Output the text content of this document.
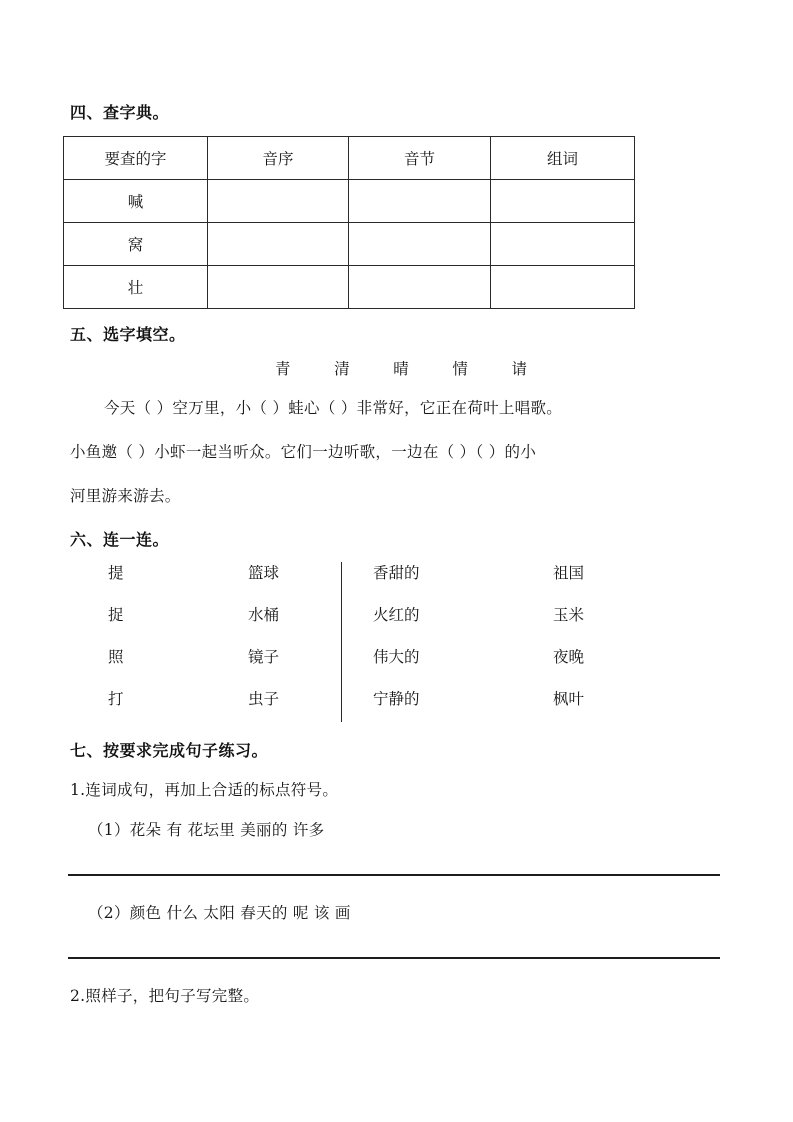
四、查字典。
要查的字	音序	音节	组词
喊			
窝			
壮			
五、选字填空。
青	清	晴	情	请
今天（ ）空万里，小（ ）蛙心（ ）非常好，它正在荷叶上唱歌。
小鱼邀（ ）小虾一起当听众。它们一边听歌，一边在（ ）（ ）的小
河里游来游去。
六、连一连。
提	篮球	香甜的	祖国
捉	水桶	火红的	玉米
照	镜子	伟大的	夜晚
打	虫子	宁静的	枫叶
七、按要求完成句子练习。
1.连词成句，再加上合适的标点符号。
（1）花朵 有 花坛里 美丽的 许多
（2）颜色 什么 太阳 春天的 呢 该 画
2.照样子，把句子写完整。
